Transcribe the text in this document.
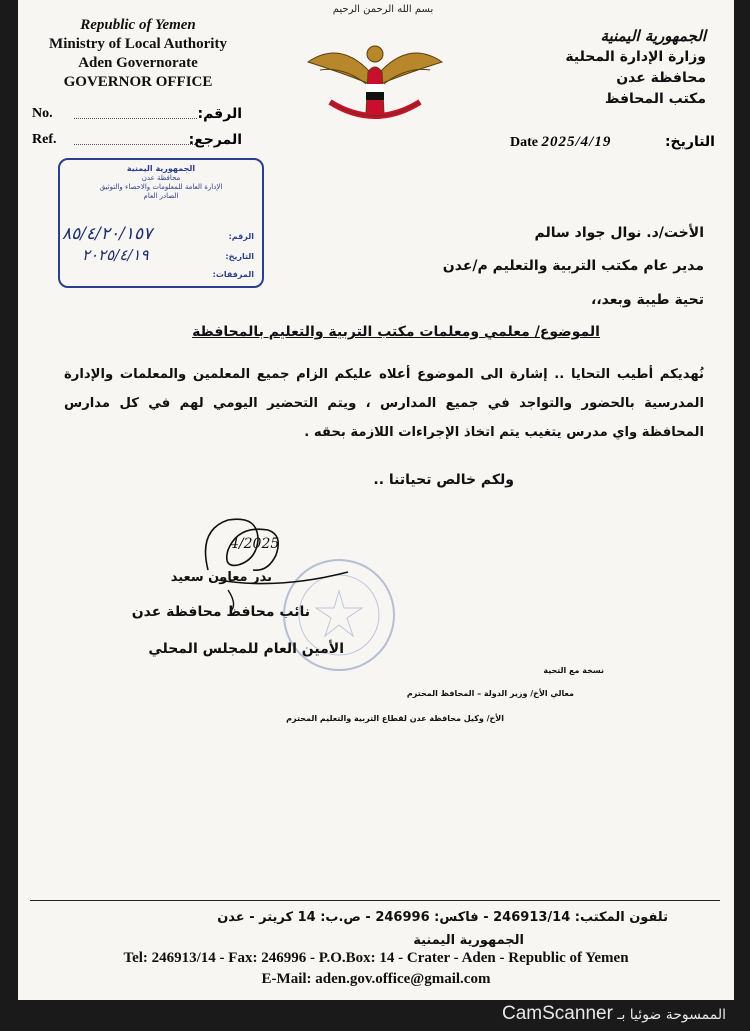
Republic of Yemen
Ministry of Local Authority
Aden Governorate
GOVERNOR OFFICE
بسم الله الرحمن الرحيم
الجمهورية اليمنية
وزارة الإدارة المحلية
محافظة عدن
مكتب المحافظ
No.	الرقم:
Ref.	المرجع:	Date 2025/4/19	التاريخ:
الجمهورية اليمنية
محافظة عدن
الإدارة العامة للمعلومات والاحصاء والتوثيق
الصادر العام
الرقم:
٨٥/٤/٢٠/١٥٧
التاريخ:
٢٠٢٥/٤/١٩
المرفقات:
الأخت/د. نوال جواد سالم
مدير عام مكتب التربية والتعليم م/عدن
تحية طيبة وبعد،،
الموضوع/ معلمي ومعلمات مكتب التربية والتعليم بالمحافظة
نُهديكم أطيب التحايا .. إشارة الى الموضوع أعلاه عليكم الزام جميع المعلمين والمعلمات والإدارة المدرسية بالحضور والتواجد في جميع المدارس ، ويتم التحضير اليومي لهم في كل مدارس المحافظة واي مدرس يتغيب يتم اتخاذ الإجراءات اللازمة بحقه .
ولكم خالص تحياتنا ..
4/2025
بدر معاون سعيد
نائب محافظ محافظة عدن
الأمين العام للمجلس المحلي
نسخة مع التحية
معالي الأخ/ وزير الدولة – المحافظ المحترم
الأخ/ وكيل محافظة عدن لقطاع التربية والتعليم المحترم
تلفون المكتب: 246913/14 - فاكس: 246996 - ص.ب: 14 كريتر - عدن
الجمهورية اليمنية
Tel: 246913/14 - Fax: 246996 - P.O.Box: 14 - Crater - Aden - Republic of Yemen
E-Mail: aden.gov.office@gmail.com
الممسوحة ضوئيا بـ CamScanner
